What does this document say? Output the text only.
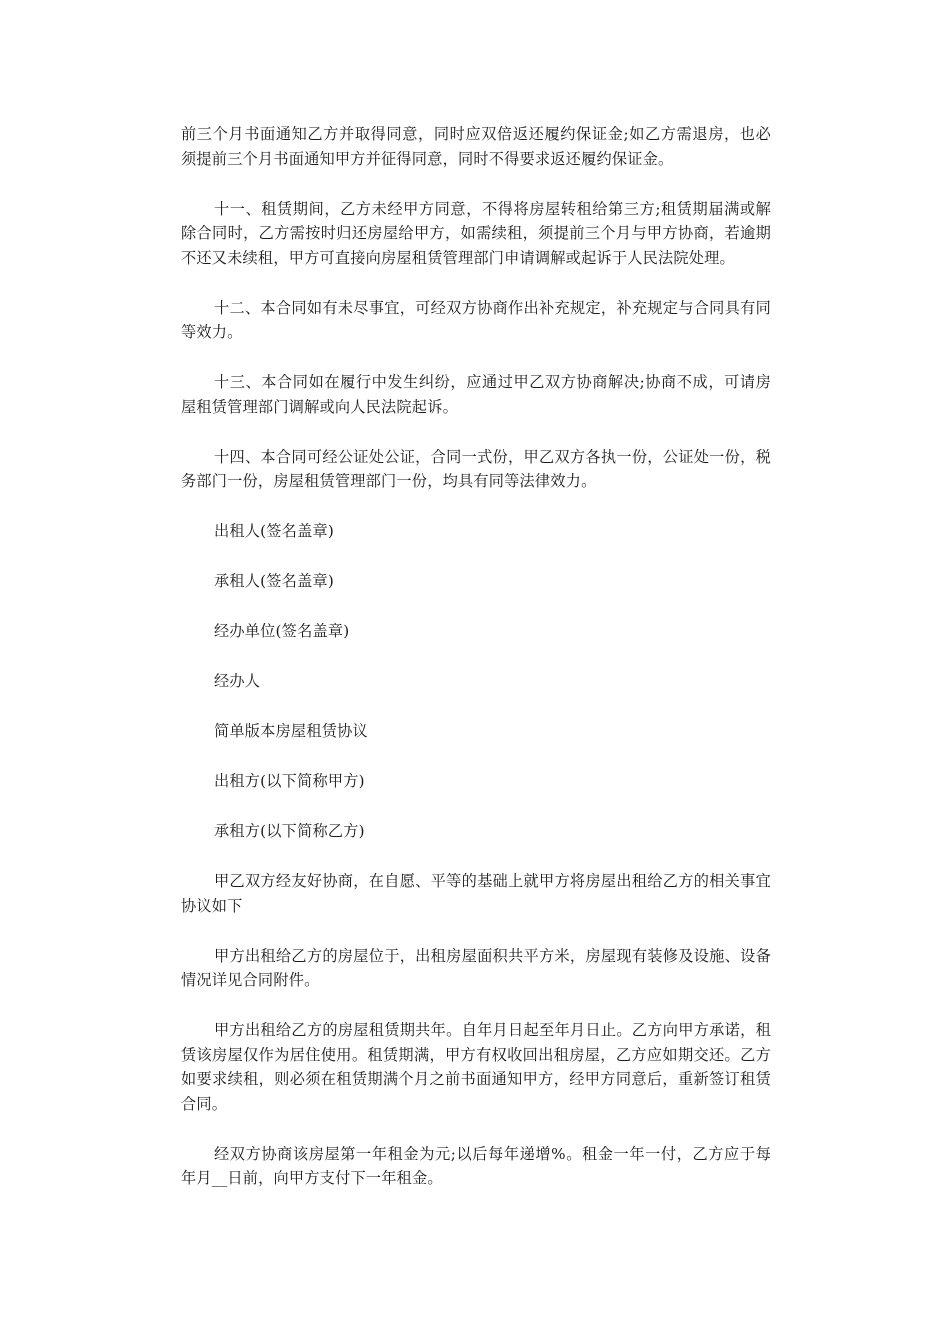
前三个月书面通知乙方并取得同意，同时应双倍返还履约保证金;如乙方需退房，也必须提前三个月书面通知甲方并征得同意，同时不得要求返还履约保证金。

十一、租赁期间，乙方未经甲方同意，不得将房屋转租给第三方;租赁期届满或解除合同时，乙方需按时归还房屋给甲方，如需续租，须提前三个月与甲方协商，若逾期不还又未续租，甲方可直接向房屋租赁管理部门申请调解或起诉于人民法院处理。

十二、本合同如有未尽事宜，可经双方协商作出补充规定，补充规定与合同具有同等效力。

十三、本合同如在履行中发生纠纷，应通过甲乙双方协商解决;协商不成，可请房屋租赁管理部门调解或向人民法院起诉。

十四、本合同可经公证处公证，合同一式份，甲乙双方各执一份，公证处一份，税务部门一份，房屋租赁管理部门一份，均具有同等法律效力。

出租人(签名盖章)

承租人(签名盖章)

经办单位(签名盖章)

经办人

简单版本房屋租赁协议

出租方(以下简称甲方)

承租方(以下简称乙方)

甲乙双方经友好协商，在自愿、平等的基础上就甲方将房屋出租给乙方的相关事宜协议如下

甲方出租给乙方的房屋位于，出租房屋面积共平方米，房屋现有装修及设施、设备情况详见合同附件。

甲方出租给乙方的房屋租赁期共年。自年月日起至年月日止。乙方向甲方承诺，租赁该房屋仅作为居住使用。租赁期满，甲方有权收回出租房屋，乙方应如期交还。乙方如要求续租，则必须在租赁期满个月之前书面通知甲方，经甲方同意后，重新签订租赁合同。

经双方协商该房屋第一年租金为元;以后每年递增%。租金一年一付，乙方应于每年月__日前，向甲方支付下一年租金。
